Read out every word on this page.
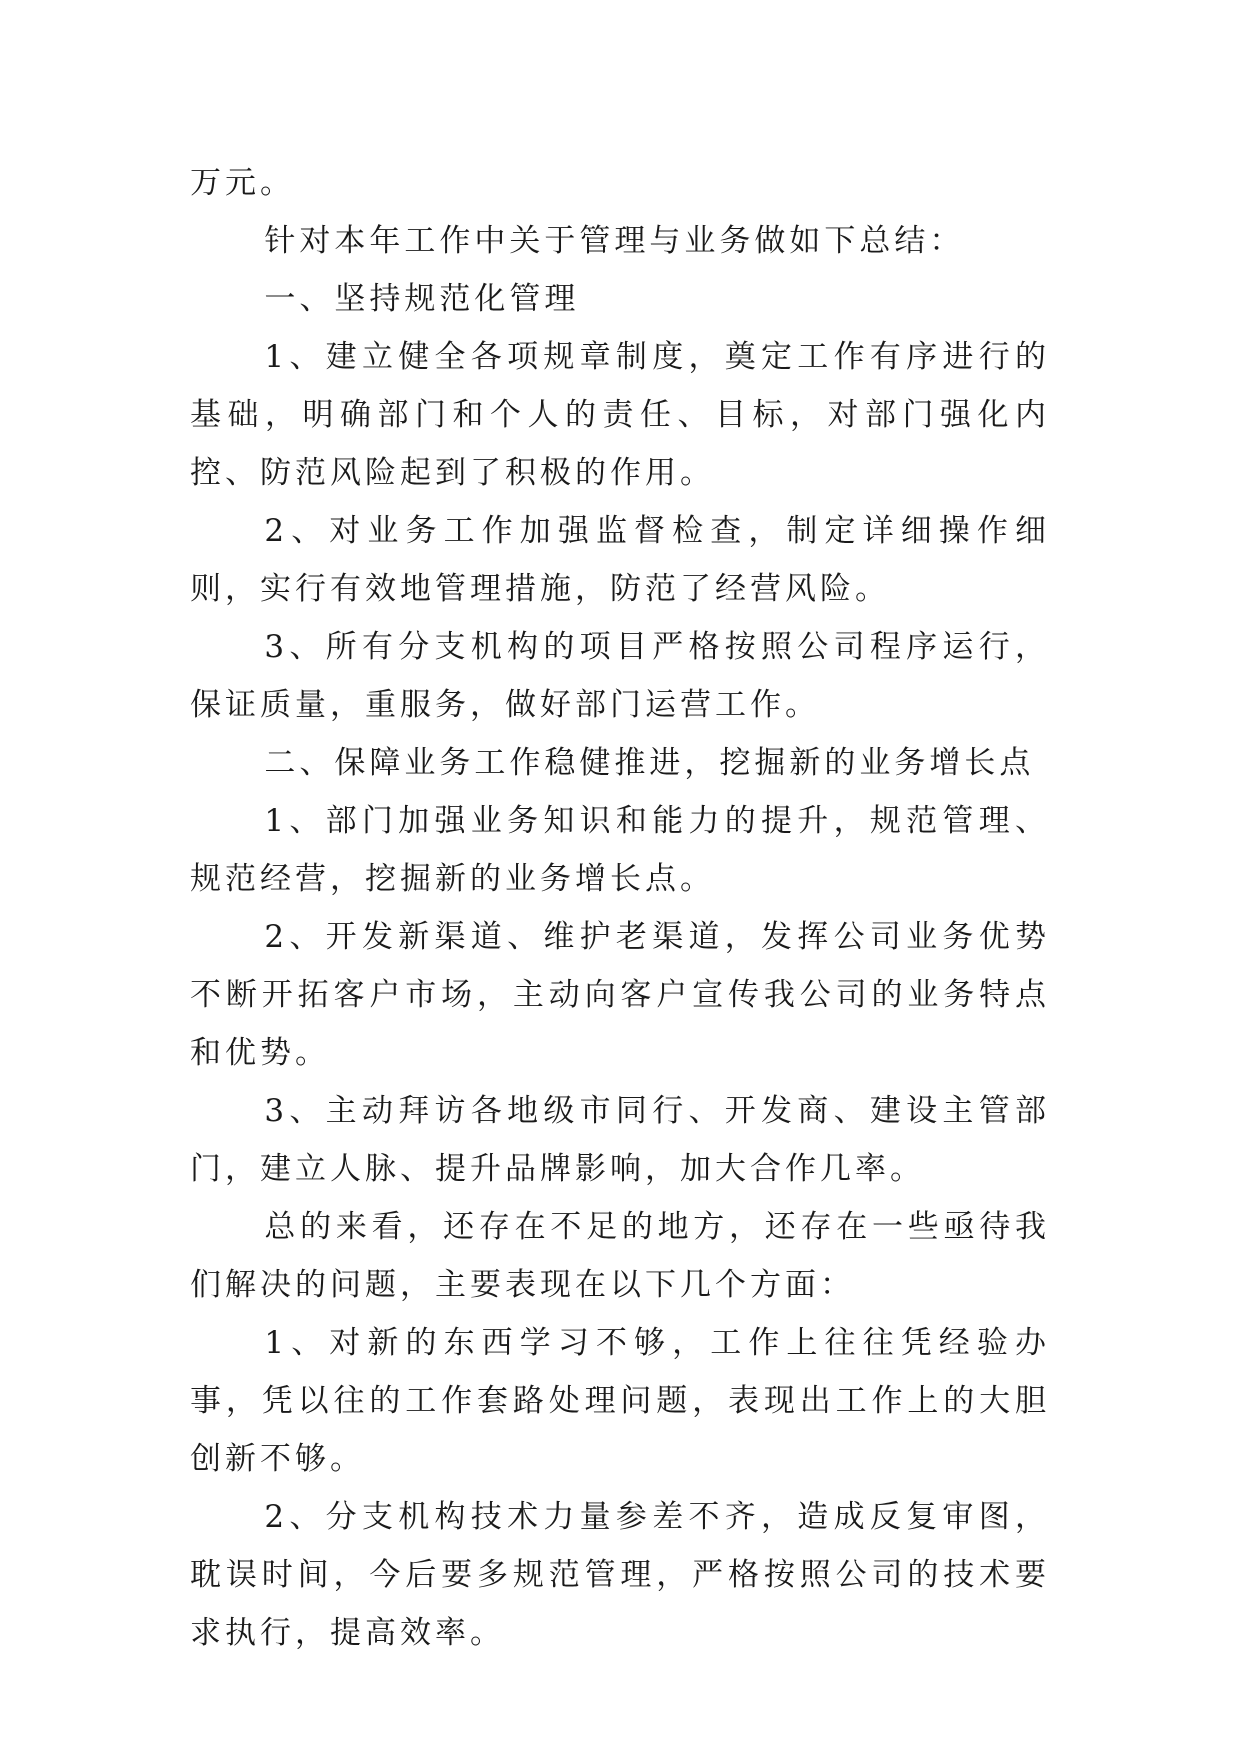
万元。

针对本年工作中关于管理与业务做如下总结：

一、坚持规范化管理

1、建立健全各项规章制度，奠定工作有序进行的基础，明确部门和个人的责任、目标，对部门强化内控、防范风险起到了积极的作用。

2、对业务工作加强监督检查，制定详细操作细则，实行有效地管理措施，防范了经营风险。

3、所有分支机构的项目严格按照公司程序运行，保证质量，重服务，做好部门运营工作。

二、保障业务工作稳健推进，挖掘新的业务增长点

1、部门加强业务知识和能力的提升，规范管理、规范经营，挖掘新的业务增长点。

2、开发新渠道、维护老渠道，发挥公司业务优势不断开拓客户市场，主动向客户宣传我公司的业务特点和优势。

3、主动拜访各地级市同行、开发商、建设主管部门，建立人脉、提升品牌影响，加大合作几率。

总的来看，还存在不足的地方，还存在一些亟待我们解决的问题，主要表现在以下几个方面：

1、对新的东西学习不够，工作上往往凭经验办事，凭以往的工作套路处理问题，表现出工作上的大胆创新不够。

2、分支机构技术力量参差不齐，造成反复审图，耽误时间，今后要多规范管理，严格按照公司的技术要求执行，提高效率。
